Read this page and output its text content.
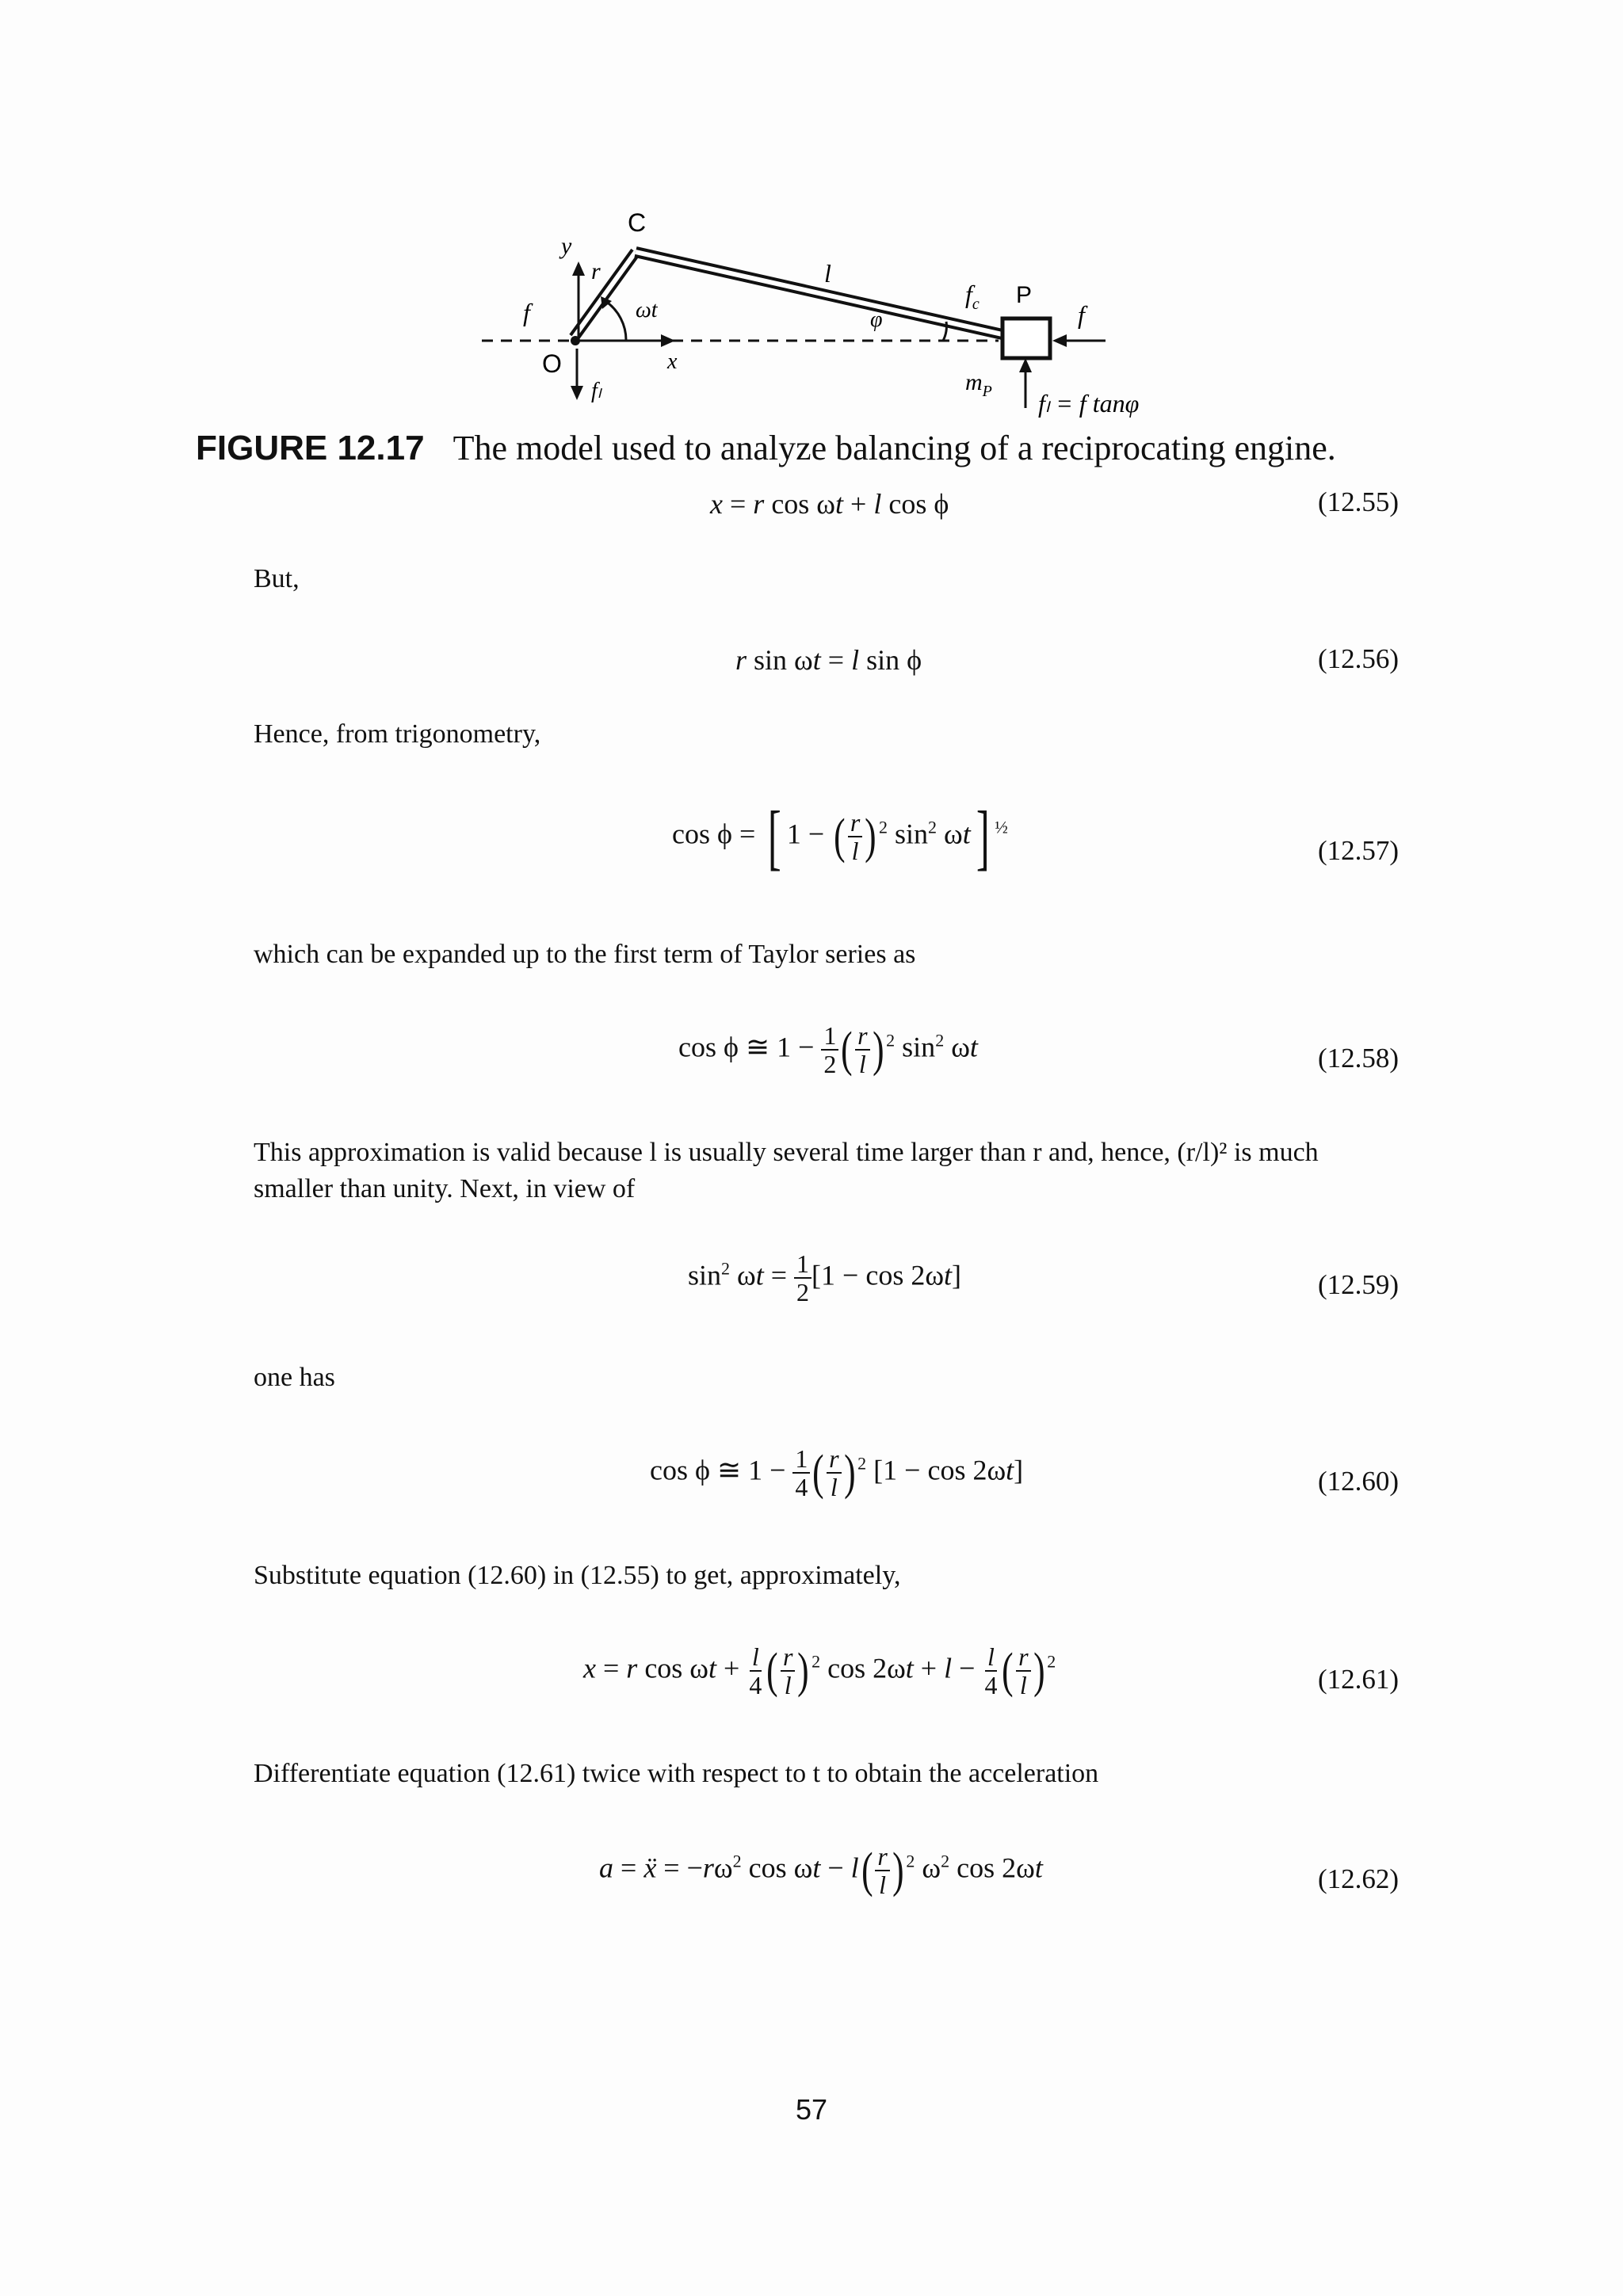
C
y
r	l
f	ωt
O	x
fₗ
φ
$f_c$ P
f
$m_P$ fₗ = f tanφ
FIGURE 12.17 The model used to analyze balancing of a reciprocating engine.
x = r cos ωt + l cos ϕ	(12.55)
But,
r sin ωt = l sin ϕ	(12.56)
Hence, from trigonometry,
cos ϕ = [ 1 − ( $\frac{r}{l}$ ) $^2$ $\sin^2 \omega t$] $^{\frac{1}{2}}$
(12.57)
which can be expanded up to the first term of Taylor series as
cos ϕ ≅ $1 - \frac{1}{2}$ ( $\frac{r}{l}$ ) $^2$ $\sin^2 \omega t$	(12.58)
This approximation is valid because l is usually several time larger than r and, hence, (r/l)² is much smaller than unity. Next, in view of
$\sin^2 \omega t = \frac{1}{2} [1 - \cos 2\omega t]$	(12.59)
one has
cos ϕ ≅ $1 - \frac{1}{4}$ ( $\frac{r}{l}$ ) $^2$ [1 − cos 2ωt]	(12.60)
Substitute equation (12.60) in (12.55) to get, approximately,
x = r $\cos \omega t + \frac{l}{4}$ ( $\frac{r}{l}$ ) $^2$ $\cos 2\omega t + l - \frac{l}{4}$ ( $\frac{r}{l}$ ) $^2$
(12.61)
Differentiate equation (12.61) twice with respect to t to obtain the acceleration
a = ẍ = $-r\omega^2$ $\cos \omega t - l( \frac{r}{l}$ ) $^2$ $\omega^2$ cos 2ωt	(12.62)
57
